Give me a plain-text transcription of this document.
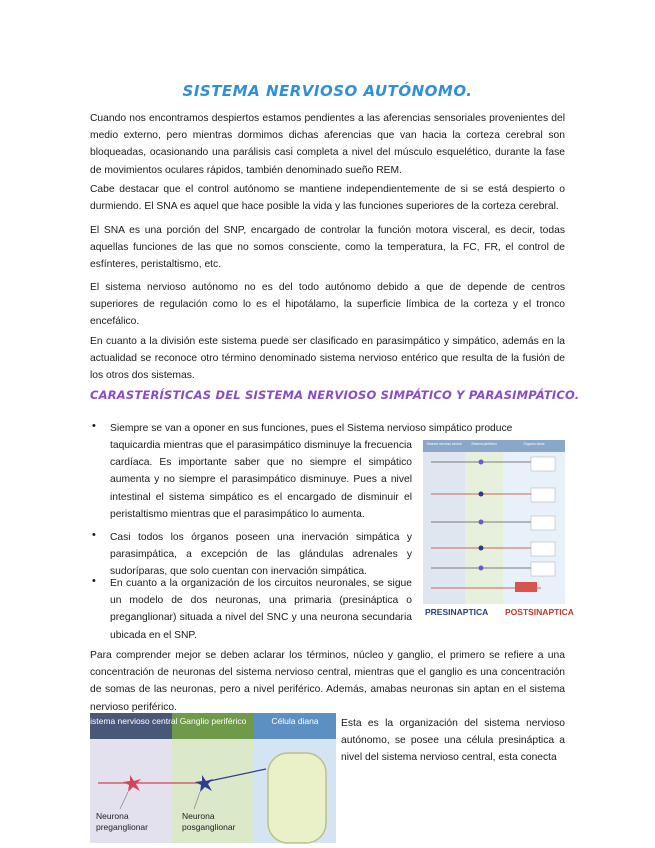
SISTEMA NERVIOSO AUTÓNOMO.

Cuando nos encontramos despiertos estamos pendientes a las aferencias sensoriales provenientes del medio externo, pero mientras dormimos dichas aferencias que van hacia la corteza cerebral son bloqueadas, ocasionando una parálisis casi completa a nivel del músculo esquelético, durante la fase de movimientos oculares rápidos, también denominado sueño REM.

Cabe destacar que el control autónomo se mantiene independientemente de si se está despierto o durmiendo. El SNA es aquel que hace posible la vida y las funciones superiores de la corteza cerebral.

El SNA es una porción del SNP, encargado de controlar la función motora visceral, es decir, todas aquellas funciones de las que no somos consciente, como la temperatura, la FC, FR, el control de esfínteres, peristaltismo, etc.

El sistema nervioso autónomo no es del todo autónomo debido a que de depende de centros superiores de regulación como lo es el hipotálamo, la superficie límbica de la corteza y el tronco encefálico.

En cuanto a la división este sistema puede ser clasificado en parasimpático y simpático, además en la actualidad se reconoce otro término denominado sistema nervioso entérico que resulta de la fusión de los otros dos sistemas.

CARASTERÍSTICAS DEL SISTEMA NERVIOSO SIMPÁTICO Y PARASIMPÁTICO.
• Siempre se van a oponer en sus funciones, pues el Sistema nervioso simpático produce

taquicardia mientras que el parasimpático disminuye la frecuencia cardíaca. Es importante saber que no siempre el simpático aumenta y no siempre el parasimpático disminuye. Pues a nivel intestinal el sistema simpático es el encargado de disminuir el peristaltismo mientras que el parasimpático lo aumenta.

• Casi todos los órganos poseen una inervación simpática y parasimpática, a excepción de las glándulas adrenales y sudoríparas, que solo cuentan con inervación simpática.

• En cuanto a la organización de los circuitos neuronales, se sigue un modelo de dos neuronas, una primaria (presináptica o preganglionar) situada a nivel del SNC y una neurona secundaria ubicada en el SNP.

Sistema nervioso central	Sistema periférico	Órganos diana
PRESINAPTICA POSTSINAPTICA

Para comprender mejor se deben aclarar los términos, núcleo y ganglio, el primero se refiere a una concentración de neuronas del sistema nervioso central, mientras que el ganglio es una concentración de somas de las neuronas, pero a nivel periférico. Además, amabas neuronas sin aptan en el sistema nervioso periférico.

Sistema nervioso central Ganglio periférico	Célula diana
Neurona preganglionar
Neurona posganglionar

Esta es la organización del sistema nervioso autónomo, se posee una célula presináptica a nivel del sistema nervioso central, esta conecta
